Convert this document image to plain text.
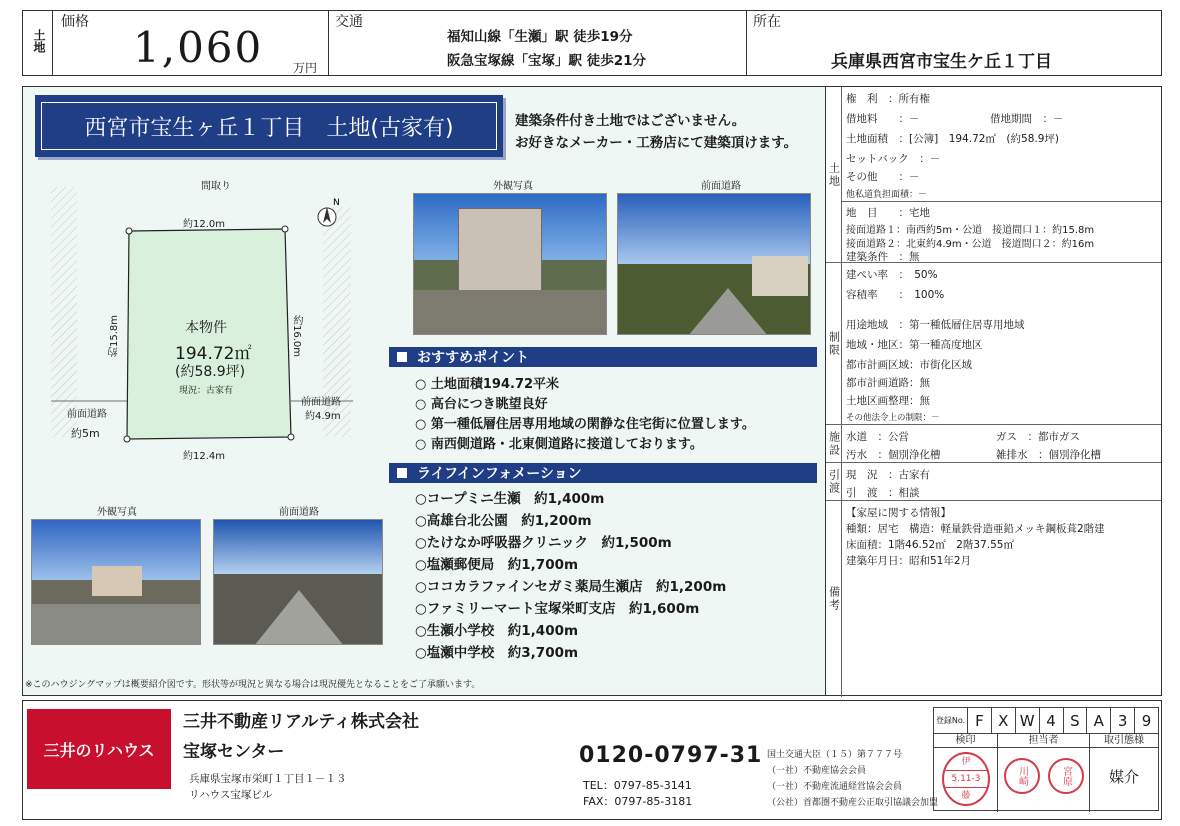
土地
価格
1,060 万円
交通
福知山線「生瀬」駅 徒歩19分
阪急宝塚線「宝塚」駅 徒歩21分
所在
兵庫県西宮市宝生ケ丘１丁目
西宮市宝生ヶ丘１丁目　土地(古家有)	建築条件付き土地ではございません。
お好きなメーカー・工務店にて建築頂けます。
間取り
N
約12.0m
約15.8m	約16.0m
約12.4m
本物件
194.72㎡
(約58.9坪)
現況：古家有
前面道路
約5m
前面道路
約4.9m
外観写真	前面道路
おすすめポイント
○ 土地面積194.72平米
○ 高台につき眺望良好
○ 第一種低層住居専用地域の閑静な住宅街に位置します。
○ 南西側道路・北東側道路に接道しております。
ライフインフォメーション
○コープミニ生瀬　約1,400m
○高雄台北公園　約1,200m
○たけなか呼吸器クリニック　約1,500m
○塩瀬郵便局　約1,700m
○ココカラファインセガミ薬局生瀬店　約1,200m
○ファミリーマート宝塚栄町支店　約1,600m
○生瀬小学校　約1,400m
○塩瀬中学校　約3,700m
外観写真	前面道路
※このハウジングマップは概要紹介図です。形状等が現況と異なる場合は現況優先となることをご了承願います。
土地
権　利　：所有権
借地料　　：－	借地期間　：－
土地面積　：[公簿]　194.72㎡　(約58.9坪)
セットバック　：－
その他　　：－
他私道負担面積：－
地　目　　：宅地
接面道路１：南西約5m・公道　接道間口１：約15.8m
接面道路２：北東約4.9m・公道　接道間口２：約16m
建築条件　：無
制限
建ぺい率　：　50%
容積率　　：　100%
用途地域　：第一種低層住居専用地域
地域・地区：第一種高度地区
都市計画区域：市街化区域
都市計画道路：無
土地区画整理：無
その他法令上の制限：－
施設 水道　：公営	ガス　：都市ガス
汚水　：個別浄化槽	雑排水　：個別浄化槽
引渡 現　況　：古家有
引　渡　：相談
備考
【家屋に関する情報】
種類：居宅　構造：軽量鉄骨造亜鉛メッキ鋼板葺2階建
床面積：1階46.52㎡　2階37.55㎡
建築年月日：昭和51年2月
三井のリハウス
三井不動産リアルティ株式会社
宝塚センター
兵庫県宝塚市栄町１丁目１－１３
リハウス宝塚ビル
0120-0797-31
TEL：0797-85-3141
FAX：0797-85-3181
国土交通大臣（１５）第７７７号
（一社）不動産協会会員
（一社）不動産流通経営協会会員
（公社）首都圏不動産公正取引協議会加盟
登録No. F X W 4 S A 3 9
検印
伊
5.11-3
藤
担当者
川崎	宮原
取引態様
媒介
